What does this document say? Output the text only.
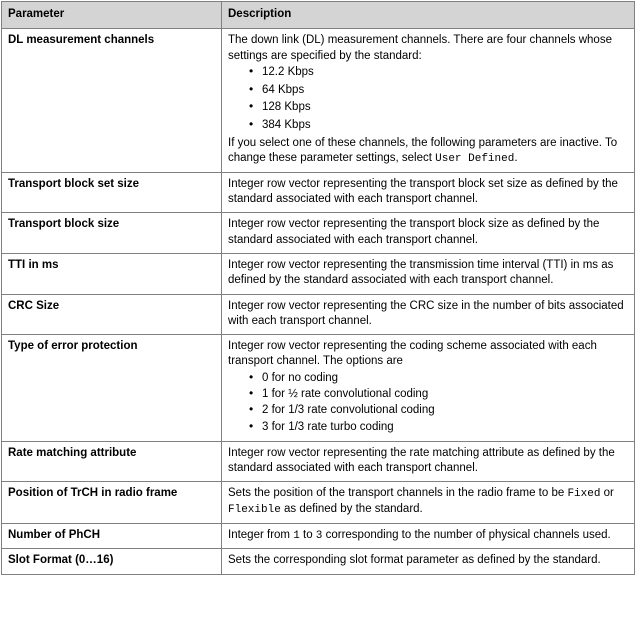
Parameter	Description
DL measurement channels	The down link (DL) measurement channels. There are four channels whose settings are specified by the standard:

• 12.2 Kbps
• 64 Kbps
• 128 Kbps
• 384 Kbps

If you select one of these channels, the following parameters are inactive. To change these parameter settings, select User Defined.

Transport block set size	Integer row vector representing the transport block set size as defined by the standard associated with each transport channel.
Transport block size	Integer row vector representing the transport block size as defined by the standard associated with each transport channel.
TTI in ms	Integer row vector representing the transmission time interval (TTI) in ms as defined by the standard associated with each transport channel.
CRC Size	Integer row vector representing the CRC size in the number of bits associated with each transport channel.
Type of error protection	Integer row vector representing the coding scheme associated with each transport channel. The options are

• 0 for no coding
• 1 for ½ rate convolutional coding
• 2 for 1/3 rate convolutional coding
• 3 for 1/3 rate turbo coding

Rate matching attribute	Integer row vector representing the rate matching attribute as defined by the standard associated with each transport channel.
Position of TrCH in radio frame	Sets the position of the transport channels in the radio frame to be Fixed or Flexible as defined by the standard.
Number of PhCH	Integer from 1 to 3 corresponding to the number of physical channels used.
Slot Format (0…16)	Sets the corresponding slot format parameter as defined by the standard.
